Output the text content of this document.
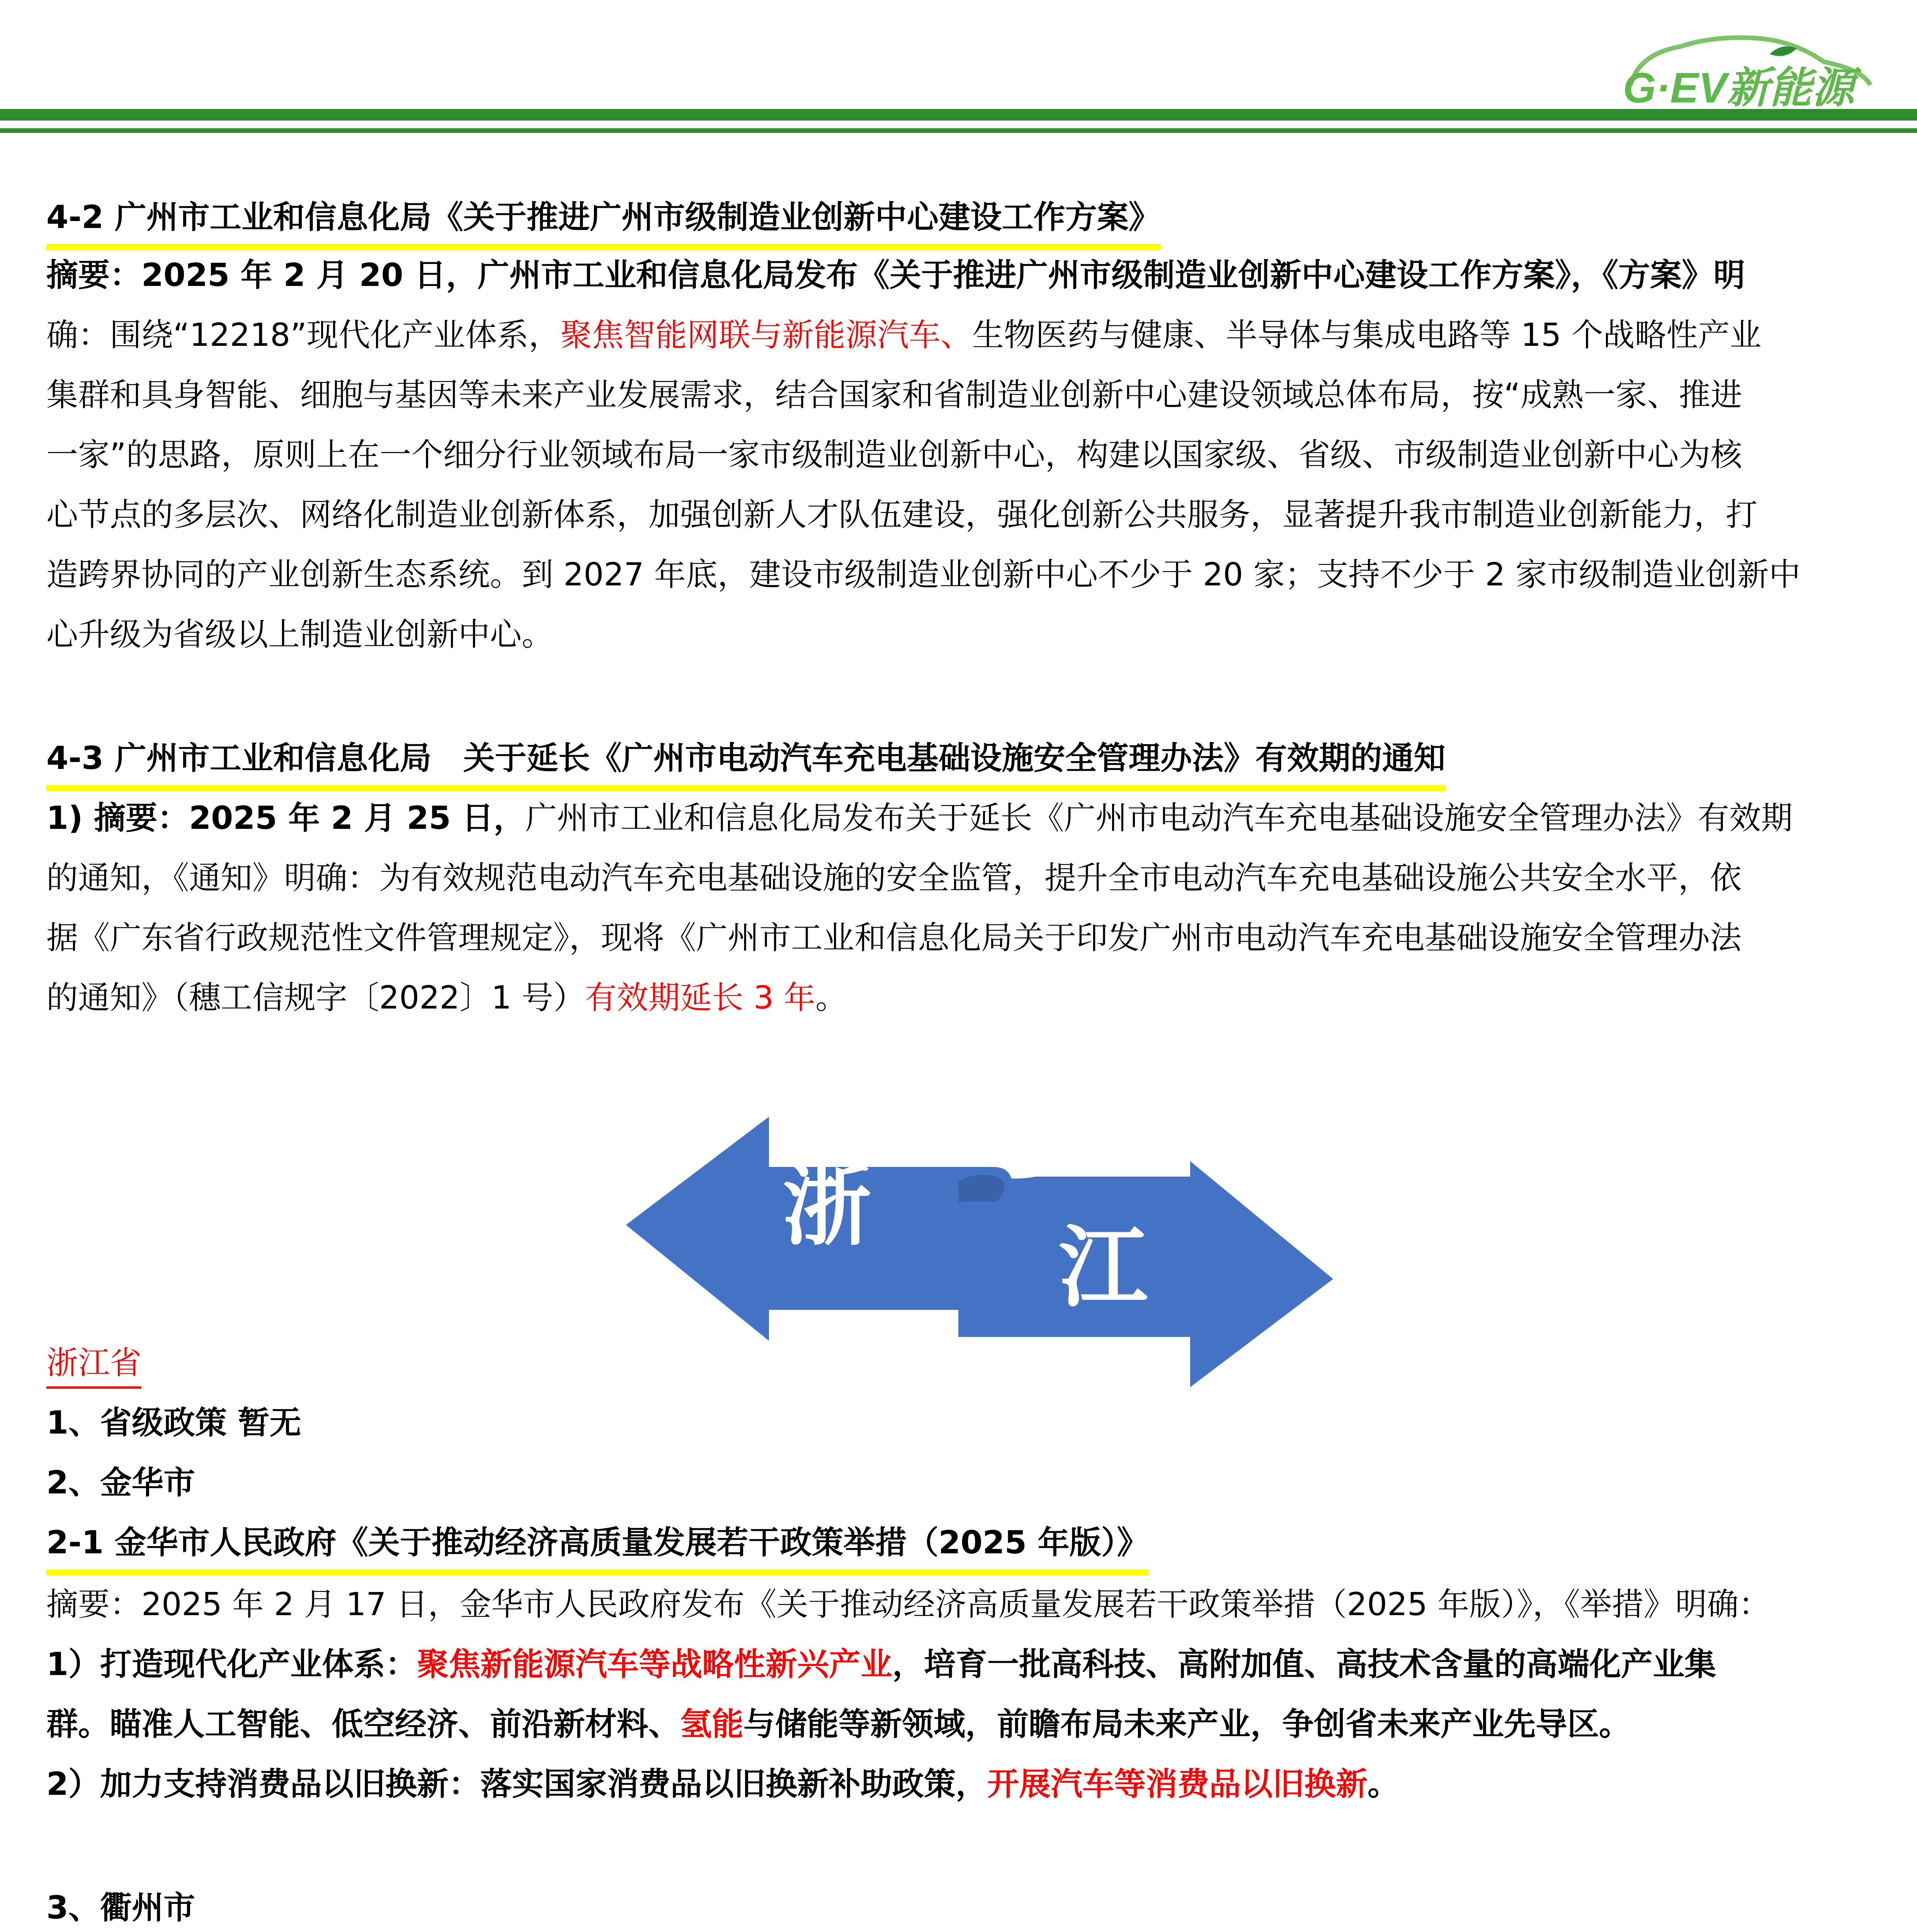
G·EV新能源
4-2 广州市工业和信息化局《关于推进广州市级制造业创新中心建设工作方案》
摘要：2025 年 2 月 20 日，广州市工业和信息化局发布《关于推进广州市级制造业创新中心建设工作方案》，《方案》明
确：围绕“12218”现代化产业体系，聚焦智能网联与新能源汽车、生物医药与健康、半导体与集成电路等 15 个战略性产业
集群和具身智能、细胞与基因等未来产业发展需求，结合国家和省制造业创新中心建设领域总体布局，按“成熟一家、推进
一家”的思路，原则上在一个细分行业领域布局一家市级制造业创新中心，构建以国家级、省级、市级制造业创新中心为核
心节点的多层次、网络化制造业创新体系，加强创新人才队伍建设，强化创新公共服务，显著提升我市制造业创新能力，打
造跨界协同的产业创新生态系统。到 2027 年底，建设市级制造业创新中心不少于 20 家；支持不少于 2 家市级制造业创新中
心升级为省级以上制造业创新中心。
4-3 广州市工业和信息化局　关于延长《广州市电动汽车充电基础设施安全管理办法》有效期的通知
1) 摘要：2025 年 2 月 25 日，广州市工业和信息化局发布关于延长《广州市电动汽车充电基础设施安全管理办法》有效期
的通知，《通知》明确：为有效规范电动汽车充电基础设施的安全监管，提升全市电动汽车充电基础设施公共安全水平，依
据《广东省行政规范性文件管理规定》，现将《广州市工业和信息化局关于印发广州市电动汽车充电基础设施安全管理办法
的通知》（穗工信规字〔2022〕1 号）有效期延长 3 年。
浙
江
浙江省
1、省级政策 暂无
2、金华市
2-1 金华市人民政府《关于推动经济高质量发展若干政策举措（2025 年版）》
摘要：2025 年 2 月 17 日，金华市人民政府发布《关于推动经济高质量发展若干政策举措（2025 年版）》，《举措》明确：
1）打造现代化产业体系：聚焦新能源汽车等战略性新兴产业，培育一批高科技、高附加值、高技术含量的高端化产业集
群。瞄准人工智能、低空经济、前沿新材料、氢能与储能等新领域，前瞻布局未来产业，争创省未来产业先导区。
2）加力支持消费品以旧换新：落实国家消费品以旧换新补助政策，开展汽车等消费品以旧换新。
3、衢州市
